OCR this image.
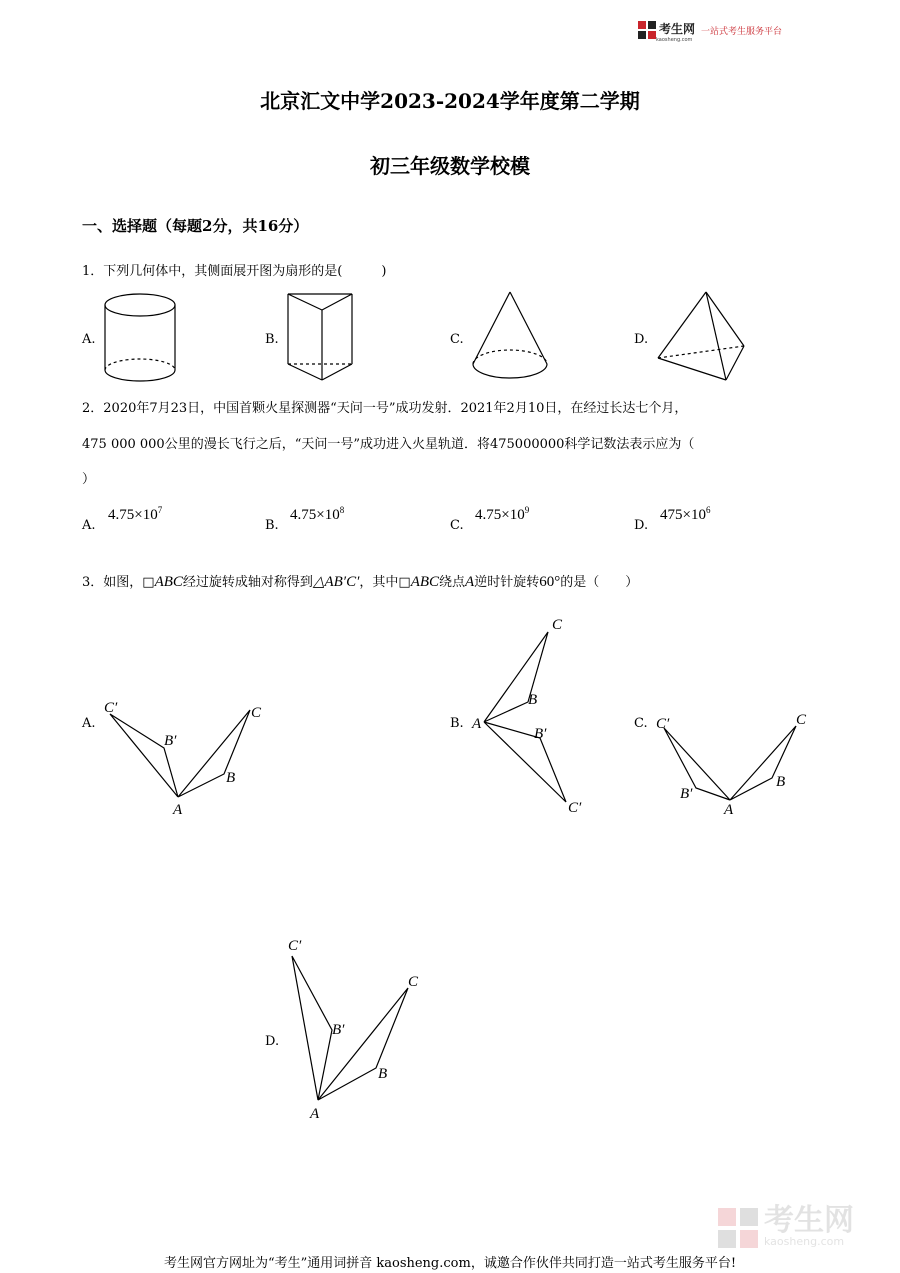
考生网
kaosheng.com
一站式考生服务平台
北京汇文中学2023-2024学年度第二学期
初三年级数学校模
一、选择题（每题2分，共16分）
1．下列几何体中，其侧面展开图为扇形的是(　　　)
A.	B.	C.	D.
2．2020年7月23日，中国首颗火星探测器“天问一号”成功发射．2021年2月10日，在经过长达七个月，
475 000 000公里的漫长飞行之后，“天问一号”成功进入火星轨道．将475000000科学记数法表示应为（
）
A.
$4.75\times 10^7$
B.
$4.75\times 10^8$
C.
$4.75\times 10^9$
D.
$475\times 10^6$
3．如图，□ABC经过旋转成轴对称得到△AB′C′，其中□ABC绕点A逆时针旋转60°的是（　　）
A.
C′
B′
C
B
A
B.
C
B
A
B′
C′
C. C′	C
B′
B
A
D.
C′
C
B′
B
A
考生网
kaosheng.com
考生网官方网址为“考生”通用词拼音 kaosheng.com，诚邀合作伙伴共同打造一站式考生服务平台!
